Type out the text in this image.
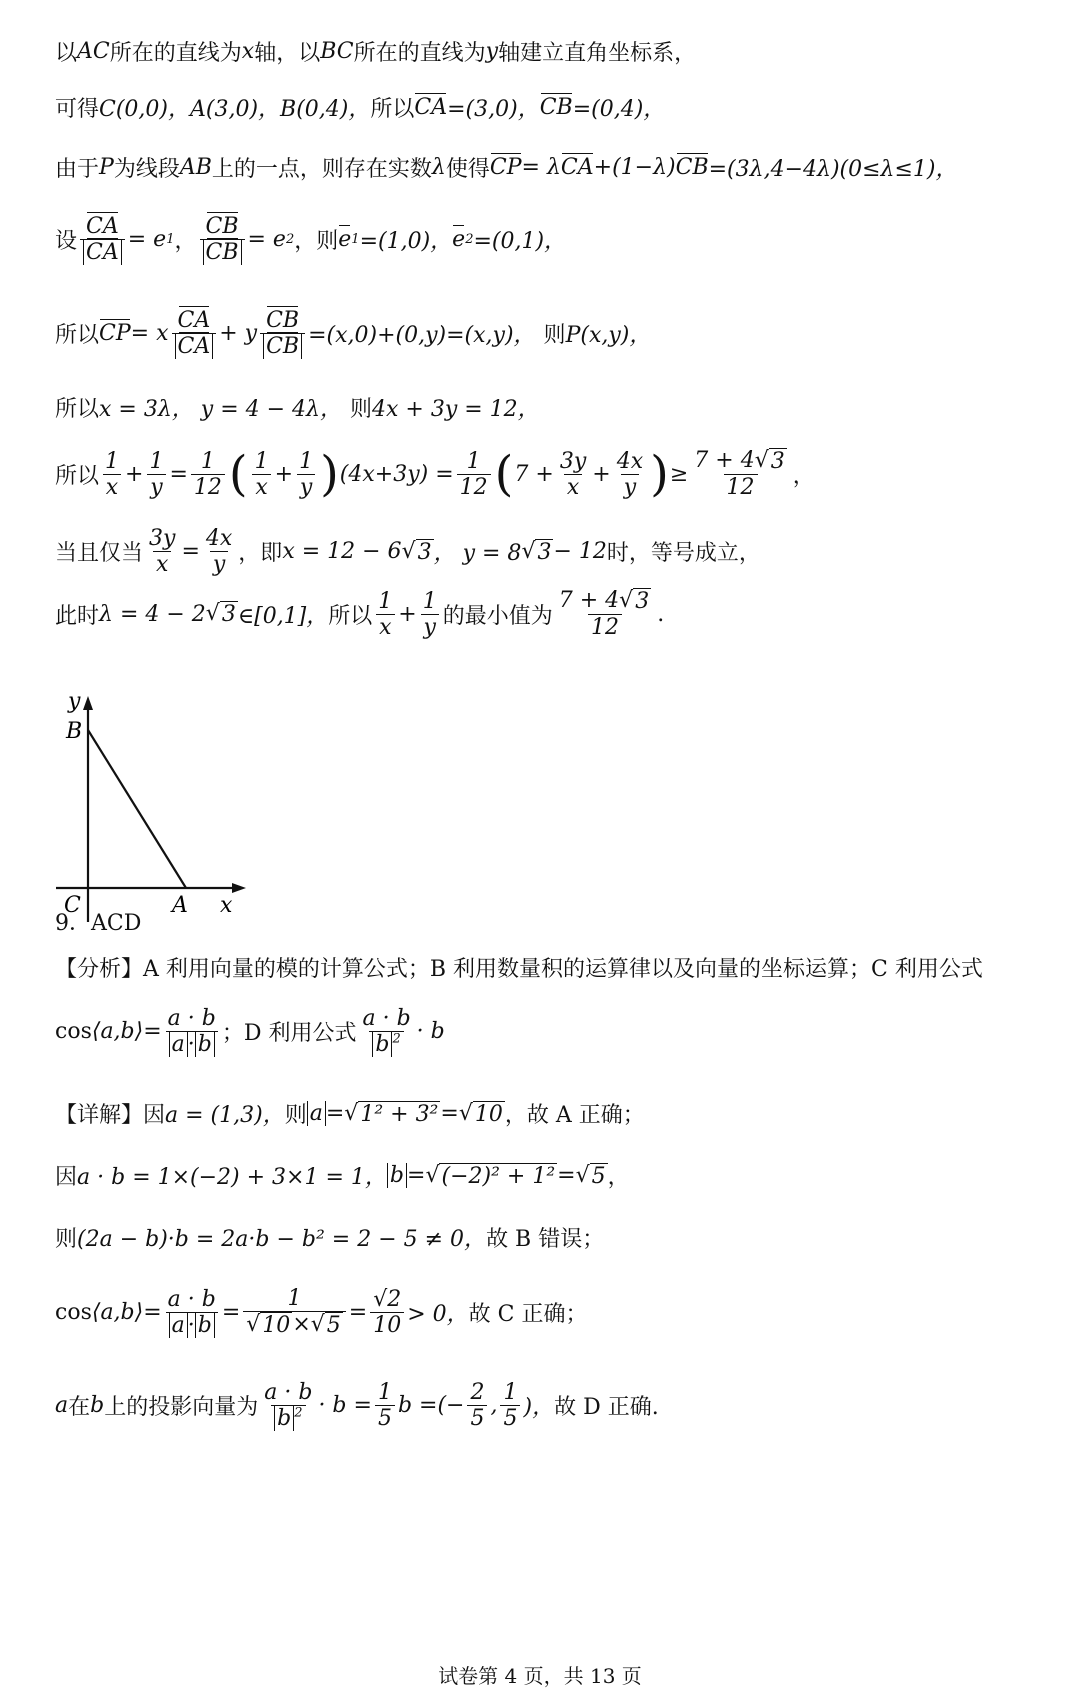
以 AC 所在的直线为 x 轴，以 BC 所在的直线为 y 轴建立直角坐标系，
可得 C(0,0)，A(3,0)，B(0,4)， 所以 CA =(3,0)， CB =(0,4)，
由于 P 为线段 AB 上的一点，则存在实数 λ 使得 CP = λ CA +(1−λ) CB =(3λ,4−4λ)(0≤λ≤1)，
设 $\frac{CA}{CA} = e$ 1 ， $\frac{CB}{CB} = e$ 2 ，则 e 1 =(1,0)， e 2 =(0,1)，
所以 CP = x $\frac{CA}{CA} + y \frac{CB}{CB} =(x,0)+(0,y)=(x,y)$， 则 P(x,y)，
所以 x = 3λ， y = 4 − 4λ， 则 4x + 3y = 12，
所以 $\frac{1}{x} + \frac{1}{y} = \frac{1}{12}$ ( $\frac{1}{x} + \frac{1}{y}$ ) $(4x+3y) = \frac{1}{12}$ ( $7 + \frac{3y}{x} + \frac{4x}{y}$ ) ≥ $\frac{7 + 4 √ 3}{12}$ ，
当且仅当 $\frac{3y}{x} = \frac{4x}{y}$ ，即 x = 12 − 6 √ 3 ， y = 8 √ 3 − 12 时，等号成立，
此时 λ = 4 − 2 √ 3 ∈[0,1]， 所以 $\frac{1}{x} + \frac{1}{y}$ 的最小值为 $\frac{7 + 4 √ 3}{12}$ .
y
B
C	A x
9．ACD
【分析】A 利用向量的模的计算公式；B 利用数量积的运算律以及向量的坐标运算；C 利用公式
cos ⟨a,b⟩ = $\frac{a \cdot b}{a \cdot b}$ ；D 利用公式 $\frac{a \cdot b}{b ^2} \cdot b$
【详解】因 a = (1,3)， 则 a = √ 1² + 3² = √ 10 ，故 A 正确；
因 a · b = 1×(−2) + 3×1 = 1， b = √ (−2)² + 1² = √ 5 ，
则 (2a − b)·b = 2a·b − b² = 2 − 5 ≠ 0， 故 B 错误；
cos ⟨a,b⟩ = $\frac{a \cdot b}{a \cdot b} = \frac{1}{√ 10 \times √ 5} = \frac{√2}{10} > 0$， 故 C 正确；
a 在 b 上的投影向量为 $\frac{a \cdot b}{b ^2} \cdot b = \frac{1}{5}$ b = (− $\frac{2}{5}$ , $\frac{1}{5}$ )， 故 D 正确.
试卷第 4 页，共 13 页
